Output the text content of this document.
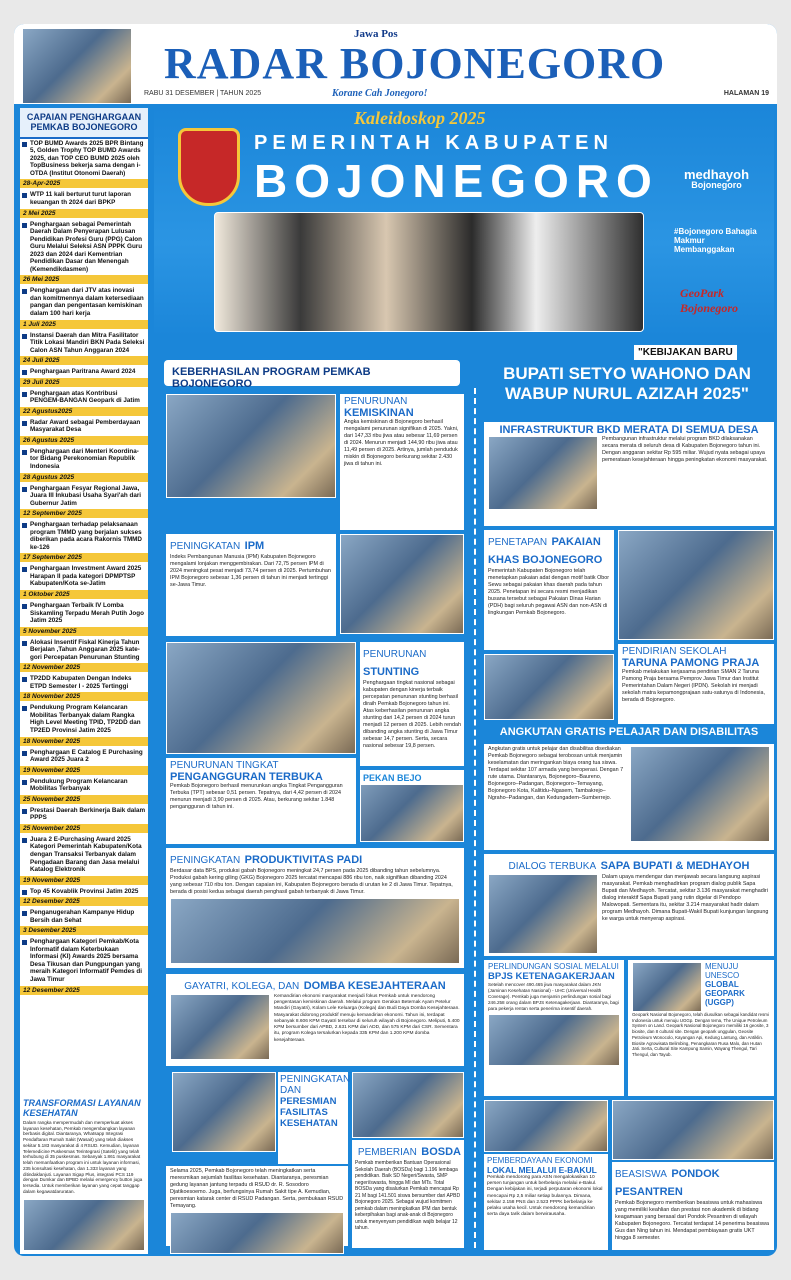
Jawa Pos
RADAR BOJONEGORO
RABU 31 DESEMBER | TAHUN 2025	Korane Cah Jonegoro!	HALAMAN 19
CAPAIAN PENGHARGAAN PEMKAB BOJONEGORO
TOP BUMD Awards 2025 BPR Bintang 5, Golden Trophy TOP BUMD Awards 2025, dan TOP CEO BUMD 2025 oleh TopBusiness bekerja sama dengan i-OTDA (Institut Otonomi Daerah)
28-Apr-2025
WTP 11 kali berturut turut laporan keuangan th 2024 dari BPKP
2 Mei 2025
Penghargaan sebagai Pemerintah Daerah Dalam Penyerapan Lulusan Pendidikan Profesi Guru (PPG) Calon Guru Melalui Seleksi ASN PPPK Guru 2023 dan 2024 dari Kementrian Pendidikan Dasar dan Menengah (Kemendikdasmen)
26 Mei 2025
Penghargaan dari JTV atas inovasi dan komitmennya dalam ketersediaan pangan dan pengentasan kemiskinan dalam 100 hari kerja
1 Juli 2025
Instansi Daerah dan Mitra Fasilitator Titik Lokasi Mandiri BKN Pada Seleksi Calon ASN Tahun Anggaran 2024
24 Juli 2025
Penghargaan Paritrana Award 2024
29 Juli 2025
Penghargaan atas Kontribusi PENGEM-BANGAN Geopark di Jatim
22 Agustus2025
Radar Award sebagai Pemberdayaan Masyarakat Desa
26 Agustus 2025
Penghargaan dari Menteri Koordina-tor Bidang Perekonomian Republik Indonesia
28 Agustus 2025
Penghargaan Fesyar Regional Jawa, Juara III Inkubasi Usaha Syari'ah dari Gubernur Jatim
12 September 2025
Penghargaan terhadap pelaksanaan program TMMD yang berjalan sukses diberikan pada acara Rakornis TMMD ke-126
17 September 2025
Penghargaan Investment Award 2025 Harapan II pada kategori DPMPTSP Kabupaten/Kota se-Jatim
1 Oktober 2025
Penghargaan Terbaik IV Lomba Siskamling Terpadu Merah Putih Jogo Jatim 2025
5 November 2025
Alokasi Insentif Fiskal Kinerja Tahun Berjalan ,Tahun Anggaran 2025 kate-gori Percepatan Penurunan Stunting
12 November 2025
TP2DD Kabupaten Dengan Indeks ETPD Semester I - 2025 Tertinggi
18 November 2025
Pendukung Program Kelancaran Mobilitas Terbanyak dalam Rangka High Level Meeting TPID, TP2DD dan TP2ED Provinsi Jatim 2025
18 November 2025
Penghargaan E Catalog E Purchasing Award 2025 Juara 2
19 November 2025
Pendukung Program Kelancaran Mobilitas Terbanyak
25 November 2025
Prestasi Daerah Berkinerja Baik dalam PPPS
25 November 2025
Juara 2 E-Purchasing Award 2025 Kategori Pemerintah Kabupaten/Kota dengan Transaksi Terbanyak dalam Pengadaan Barang dan Jasa melalui Katalog Elektronik
19 November 2025
Top 45 Kovablik Provinsi Jatim 2025
12 Desember 2025
Penganugerahan Kampanye Hidup Bersih dan Sehat
3 Desember 2025
Penghargaan Kategori Pemkab/Kota Informatif dalam Keterbukaan Informasi (KI) Awards 2025 bersama Desa Tikusan dan Pungpungan yang meraih Kategori Informatif Pemdes di Jawa Timur
12 Desember 2025
TRANSFORMASI LAYANAN KESEHATAN

Dalam rangka mempermudah dan memperkuat akses layanan kesehatan, Pemkab mengembangkan layanan berbasis digital. Diantaranya, Whatsapp Integrasi Pendaftaran Rumah Sakit (Wasait) yang telah diakses sekitar 5.183 masyarakat di 4 RSUD. Kemudian, layanan Telemedicine Puskesmas Terintegrasi (Satelit) yang telah terhubung di 35 puskesmas. Sebanyak 1.861 masyarakat telah memanfaatkan program ini untuk layanan informasi, 235 konsultasi kesehatan, dan 1.333 layanan yang ditindaklanjuti. Layanan Sigap Plus, integrasi PCS 119 dengan Dumkar dan BPBD melalui emergency button juga tersedia. Untuk memberikan layanan yang cepat tanggap dalam kegawatdaruratan.

Kaleidoskop 2025
PEMERINTAH KABUPATEN
BOJONEGORO medhayoh
Bojonegoro
#Bojonegoro Bahagia Makmur Membanggakan
GeoPark Bojonegoro
KEBERHASILAN PROGRAM PEMKAB BOJONEGORO
PENURUNAN
KEMISKINAN
Angka kemiskinan di Bojonegoro berhasil mengalami penurunan signifikan di 2025. Yakni, dari 147,33 ribu jiwa atau sebesar 11,69 persen di 2024. Menurun menjadi 144,90 ribu jiwa atau 11,49 persen di 2025. Artinya, jumlah penduduk miskin di Bojonegoro berkurang sekitar 2.430 jiwa di tahun ini.
PENINGKATAN IPM
Indeks Pembangunan Manusia (IPM) Kabupaten Bojonegoro mengalami lonjakan menggembirakan. Dari 72,75 persen IPM di 2024 meningkat pesat menjadi 73,74 persen di 2025. Pertumbuhan IPM Bojonegoro sebesar 1,36 persen di tahun ini menjadi tertinggi se-Jawa Timur.
PENURUNAN STUNTING
Penghargaan tingkat nasional sebagai kabupaten dengan kinerja terbaik percepatan penurunan stunting berhasil diraih Pemkab Bojonegoro tahun ini. Atas keberhasilan penurunan angka stunting dari 14,2 persen di 2024 turun menjadi 12 persen di 2025. Lebih rendah dibanding angka stunting di Jawa Timur sebesar 14,7 persen. Serta, secara nasional sebesar 19,8 persen.
PENURUNAN TINGKAT
PENGANGGURAN TERBUKA
Pemkab Bojonegoro berhasil menurunkan angka Tingkat Pengangguran Terbuka (TPT) sebesar 0,51 persen. Tepatnya, dari 4,42 persen di 2024 menurun menjadi 3,90 persen di 2025. Atau, berkurang sekitar 1.848 pengangguran di tahun ini.
PEKAN BEJO
PENINGKATAN PRODUKTIVITAS PADI
Berdasar data BPS, produksi gabah Bojonegoro meningkat 24,7 persen pada 2025 dibanding tahun sebelumnya. Produksi gabah kering giling (GKG) Bojonegoro 2025 tercatat mencapai 886 ribu ton, naik signifikan dibanding 2024 yang sebesar 710 ribu ton. Dengan capaian ini, Kabupaten Bojonegoro berada di urutan ke 2 di Jawa Timur. Tepatnya, berada di posisi kedua sebagai daerah penghasil gabah terbanyak di Jawa Timur.
GAYATRI, KOLEGA, DAN DOMBA KESEJAHTERAAN
Kemandirian ekonomi masyarakat menjadi fokus Pemkab untuk mendorong pengentasan kemiskinan daerah. Melalui program Gerakan Beternak Ayam Petelur Mandiri (Gayatri), Kolam Lele Keluarga (Kolega) dan Budi Daya Domba Kesejahteraan. Masyarakat didorong produktif menuju kemandirian ekonomi. Tahun ini, terdapat sebanyak 8.606 KPM Gayatri tersebar di seluruh wilayah di Bojonegoro. Meliputi, 5.400 KPM bersumber dari APBD, 2.631 KPM dari ADD, dan 575 KPM dari CSR. Sementara itu, program Kolega tersalurkan kepada 335 KPM dan 1.200 KPM domba kesejahteraan.
PENINGKATAN
DAN
PERESMIAN FASILITAS KESEHATAN
Selama 2025, Pemkab Bojonegoro telah meningkatkan serta meresmikan sejumlah fasilitas kesehatan. Diantaranya, peresmian gedung layanan jantung terpadu di RSUD dr. R. Sosodoro Djatikoesoemo. Juga, berfungsinya Rumah Sakit tipe A. Kemudian, peresmian katarak center di RSUD Padangan. Serta, pembukaan RSUD Temayang.
PEMBERIAN BOSDA
Pemkab memberikan Bantuan Operasional Sekolah Daerah (BOSDa) bagi 1.196 lembaga pendidikan. Baik SD Negeri/Swasta, SMP negeri/swasta, hingga MI dan MTs. Total BOSDa yang disalurkan Pemkab mencapai Rp 21 M bagi 141.501 siswa bersumber dari APBD Bojonegoro 2025. Sebagai wujud komitmen pemkab dalam meningkatkan IPM dan bentuk keberpihakan bagi anak-anak di Bojonegoro untuk menyenyam pendidikan wajib belajar 12 tahun.
"KEBIJAKAN BARU
BUPATI SETYO WAHONO DAN WABUP NURUL AZIZAH 2025"
INFRASTRUKTUR BKD MERATA DI SEMUA DESA
Pembangunan infrastruktur melalui program BKD dilaksanakan secara merata di seluruh desa di Kabupaten Bojonegoro tahun ini. Dengan anggaran sekitar Rp 595 miliar. Wujud nyata sebagai upaya pemerataan kesejahteraan hingga peningkatan ekonomi masyarakat.
PENETAPAN PAKAIAN KHAS BOJONEGORO
Pemerintah Kabupaten Bojonegoro telah menetapkan pakaian adat dengan motif batik Obor Sewu sebagai pakaian khas daerah pada tahun 2025. Penetapan ini secara resmi menjadikan busana tersebut sebagai Pakaian Dinas Harian (PDH) bagi seluruh pegawai ASN dan non-ASN di lingkungan Pemkab Bojonegoro.
PENDIRIAN SEKOLAH
TARUNA PAMONG PRAJA
Pemkab melakukan kerjasama pendirian SMAN 2 Taruna Pamong Praja bersama Pemprov Jawa Timur dan Institut Pemerintahan Dalam Negeri (IPDN). Sekolah ini menjadi sekolah matra kepamongprajaan satu-satunya di Indonesia, berada di Bojonegoro.
ANGKUTAN GRATIS PELAJAR DAN DISABILITAS
Angkutan gratis untuk pelajar dan disabilitas disediakan Pemkab Bojonegoro sebagai terobosan untuk menjamin keselamatan dan meringankan biaya orang tua siswa. Terdapat sekitar 107 armada yang beroperasi. Dengan 7 rute utama. Diantaranya, Bojonegoro–Baureno, Bojonegoro–Padangan, Bojonegoro–Temayang, Bojonegoro Kota, Kalitidu–Ngasem, Tambakrejo–Ngraho–Padangan, dan Kedungadem–Sumberrejo.
DIALOG TERBUKA SAPA BUPATI & MEDHAYOH
Dalam upaya mendengar dan menjawab secara langsung aspirasi masyarakat. Pemkab menghadirkan program dialog publik Sapa Bupati dan Medhayoh. Tercatat, sekitar 3.136 masyarakat menghadiri dialog interaktif Sapa Bupati yang rutin digelar di Pendopo Malowopati. Sementara itu, sekitar 3.214 masyarakat hadir dalam program Medhayoh. Dimana Bupati-Wakil Bupati kunjungan langsung ke warga untuk menyerap aspirasi.
PERLINDUNGAN SOSIAL MELALUI
BPJS KETENAGAKERJAAN
Setelah mencover 490.465 jiwa masyarakat dalam JKN (Jaminan Kesehatan Nasional) - UHC (Universal Health Coverage). Pemkab juga menjamin perlindungan sosial bagi 246.258 orang dalam BPJS Ketenagakerjaan. Diantaranya, bagi para pekerja rentan serta penerima insentif daerah.
MENUJU
UNESCO
GLOBAL GEOPARK (UGGP)
Geopark Nasional Bojonegoro, telah diusulkan sebagai kandidat resmi Indonesia untuk menuju UGGp. Dengan tema, The Unique Petroleum System on Land. Geopark Nasional Bojonegoro memiliki 16 geosite, 3 biosite, dan 8 cultural site. Dengan geopark unggulan, Geosite Petroleum Wonocolo, Kayangan Api, Kedung Lantung, dan Antiklin. Biosite Agrowisata Belimbing, Penangkaran Rusa Malo, dan Hutan Jati. Serta, Cultural Site Kampung Samin, Wayang Thengul, Tari Thengul, dan Tayub.
PEMBERDAYAAN EKONOMI
LOKAL MELALUI E-BAKUL
Pemkab mendorong para ASN mengalokasikan 10 persen tunjangan untuk berbelanja melalui e-Bakul. Dengan kebijakan ini, terjadi perputaran ekonomi lokal mencapai Rp 2,5 miliar setiap bulannya. Dimana, sekitar 2.158 PNS dan 2.523 PPPK berbelanja ke pelaku usaha kecil. Untuk mendorong kemandirian serta daya tarik dalam berwirausaha.
BEASISWA PONDOK PESANTREN
Pemkab Bojonegoro memberikan beasiswa untuk mahasiswa yang memiliki keahlian dan prestasi non akademik di bidang keagamaan yang berasal dari Pondok Pesantren di wilayah Kabupaten Bojonegoro. Tercatat terdapat 14 penerima beasiswa Gus dan Ning tahun ini. Mendapat pembiayaan gratis UKT hingga 8 semester.
